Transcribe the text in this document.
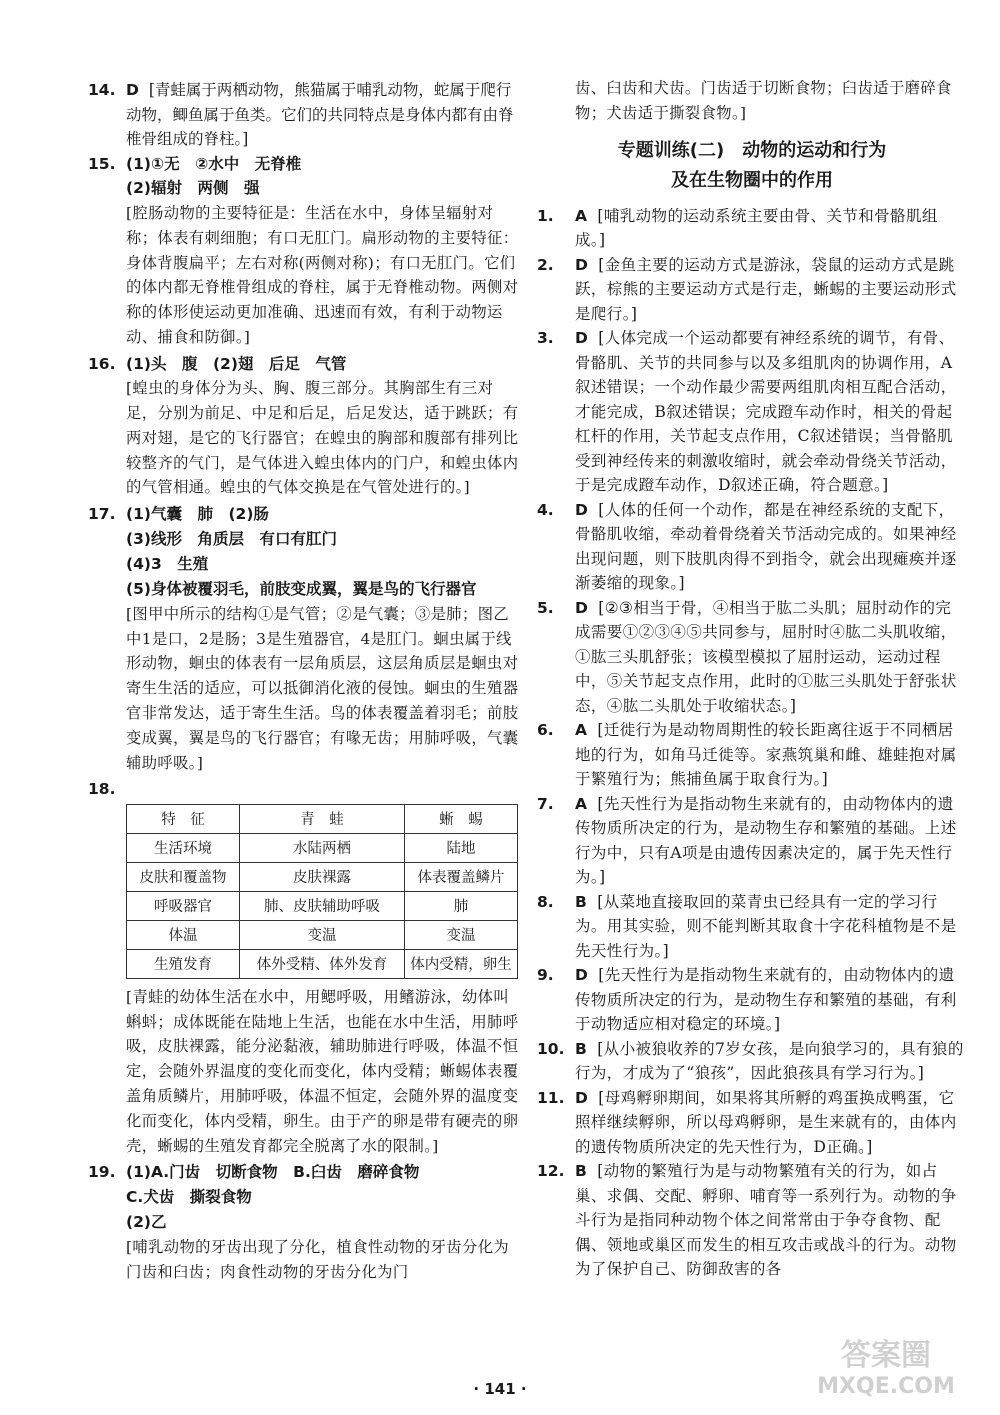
14. D [青蛙属于两栖动物，熊猫属于哺乳动物，蛇属于爬行动物，鲫鱼属于鱼类。它们的共同特点是身体内都有由脊椎骨组成的脊柱。]
15. (1)①无　②水中　无脊椎
(2)辐射　两侧　强
[腔肠动物的主要特征是：生活在水中，身体呈辐射对称；体表有刺细胞；有口无肛门。扁形动物的主要特征：身体背腹扁平；左右对称(两侧对称)；有口无肛门。它们的体内都无脊椎骨组成的脊柱，属于无脊椎动物。两侧对称的体形使运动更加准确、迅速而有效，有利于动物运动、捕食和防御。]
16. (1)头　腹　(2)翅　后足　气管
[蝗虫的身体分为头、胸、腹三部分。其胸部生有三对足，分别为前足、中足和后足，后足发达，适于跳跃；有两对翅，是它的飞行器官；在蝗虫的胸部和腹部有排列比较整齐的气门，是气体进入蝗虫体内的门户，和蝗虫体内的气管相通。蝗虫的气体交换是在气管处进行的。]
17. (1)气囊　肺　(2)肠
(3)线形　角质层　有口有肛门
(4)3　生殖
(5)身体被覆羽毛，前肢变成翼，翼是鸟的飞行器官
[图甲中所示的结构①是气管；②是气囊；③是肺；图乙中1是口，2是肠；3是生殖器官，4是肛门。蛔虫属于线形动物，蛔虫的体表有一层角质层，这层角质层是蛔虫对寄生生活的适应，可以抵御消化液的侵蚀。蛔虫的生殖器官非常发达，适于寄生生活。鸟的体表覆盖着羽毛；前肢变成翼，翼是鸟的飞行器官；有喙无齿；用肺呼吸，气囊辅助呼吸。]
18.
特　征	青　蛙	蜥　蜴
生活环境	水陆两栖	陆地
皮肤和覆盖物	皮肤裸露	体表覆盖鳞片
呼吸器官	肺、皮肤辅助呼吸	肺
体温	变温	变温
生殖发育	体外受精、体外发育	体内受精，卵生
[青蛙的幼体生活在水中，用鳃呼吸，用鳍游泳，幼体叫蝌蚪；成体既能在陆地上生活，也能在水中生活，用肺呼吸，皮肤裸露，能分泌黏液，辅助肺进行呼吸，体温不恒定，会随外界温度的变化而变化，体内受精；蜥蜴体表覆盖角质鳞片，用肺呼吸，体温不恒定，会随外界的温度变化而变化，体内受精，卵生。由于产的卵是带有硬壳的卵壳，蜥蜴的生殖发育都完全脱离了水的限制。]
19. (1)A.门齿　切断食物　B.臼齿　磨碎食物
C.犬齿　撕裂食物
(2)乙
[哺乳动物的牙齿出现了分化，植食性动物的牙齿分化为门齿和臼齿；肉食性动物的牙齿分化为门
齿、臼齿和犬齿。门齿适于切断食物；臼齿适于磨碎食物；犬齿适于撕裂食物。]
专题训练(二)　动物的运动和行为
及在生物圈中的作用
1.	A [哺乳动物的运动系统主要由骨、关节和骨骼肌组成。]
2.	D [金鱼主要的运动方式是游泳，袋鼠的运动方式是跳跃，棕熊的主要运动方式是行走，蜥蜴的主要运动形式是爬行。]
3.	D [人体完成一个运动都要有神经系统的调节，有骨、骨骼肌、关节的共同参与以及多组肌肉的协调作用，A叙述错误；一个动作最少需要两组肌肉相互配合活动，才能完成，B叙述错误；完成蹬车动作时，相关的骨起杠杆的作用，关节起支点作用，C叙述错误；当骨骼肌受到神经传来的刺激收缩时，就会牵动骨绕关节活动，于是完成蹬车动作，D叙述正确，符合题意。]
4.	D [人体的任何一个动作，都是在神经系统的支配下，骨骼肌收缩，牵动着骨绕着关节活动完成的。如果神经出现问题，则下肢肌肉得不到指令，就会出现瘫痪并逐渐萎缩的现象。]
5.	D [②③相当于骨，④相当于肱二头肌；屈肘动作的完成需要①②③④⑤共同参与，屈肘时④肱二头肌收缩，①肱三头肌舒张；该模型模拟了屈肘运动，运动过程中，⑤关节起支点作用，此时的①肱三头肌处于舒张状态，④肱二头肌处于收缩状态。]
6.	A [迁徙行为是动物周期性的较长距离往返于不同栖居地的行为，如角马迁徙等。家燕筑巢和雌、雄蛙抱对属于繁殖行为；熊捕鱼属于取食行为。]
7.	A [先天性行为是指动物生来就有的，由动物体内的遗传物质所决定的行为，是动物生存和繁殖的基础。上述行为中，只有A项是由遗传因素决定的，属于先天性行为。]
8.	B [从菜地直接取回的菜青虫已经具有一定的学习行为。用其实验，则不能判断其取食十字花科植物是不是先天性行为。]
9.	D [先天性行为是指动物生来就有的，由动物体内的遗传物质所决定的行为，是动物生存和繁殖的基础，有利于动物适应相对稳定的环境。]
10. B [从小被狼收养的7岁女孩，是向狼学习的，具有狼的行为，才成为了“狼孩”，因此狼孩具有学习行为。]
11. D [母鸡孵卵期间，如果将其所孵的鸡蛋换成鸭蛋，它照样继续孵卵，所以母鸡孵卵，是生来就有的，由体内的遗传物质所决定的先天性行为，D正确。]
12. B [动物的繁殖行为是与动物繁殖有关的行为，如占巢、求偶、交配、孵卵、哺育等一系列行为。动物的争斗行为是指同种动物个体之间常常由于争夺食物、配偶、领地或巢区而发生的相互攻击或战斗的行为。动物为了保护自己、防御敌害的各
· 141 ·
答案圈
MXQE.COM
